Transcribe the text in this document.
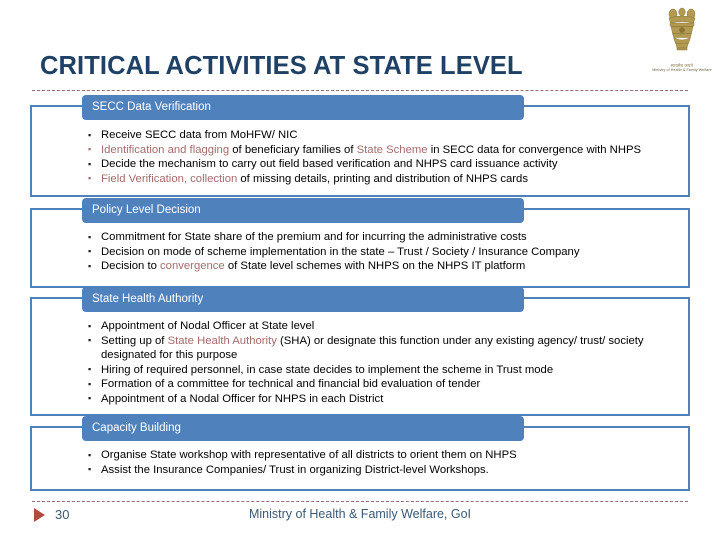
सत्यमेव जयते
Ministry of Health & Family Welfare
CRITICAL ACTIVITIES AT STATE LEVEL
SECC Data Verification
▪ Receive SECC data from MoHFW/ NIC
▪ Identification and flagging of beneficiary families of State Scheme in SECC data for convergence with NHPS
▪ Decide the mechanism to carry out field based verification and NHPS card issuance activity
▪ Field Verification, collection of missing details, printing and distribution of NHPS cards
Policy Level Decision
▪ Commitment for State share of the premium and for incurring the administrative costs
▪ Decision on mode of scheme implementation in the state – Trust / Society / Insurance Company
▪ Decision to convergence of State level schemes with NHPS on the NHPS IT platform
State Health Authority
▪ Appointment of Nodal Officer at State level
▪ Setting up of State Health Authority (SHA) or designate this function under any existing agency/ trust/ society designated for this purpose
▪ Hiring of required personnel, in case state decides to implement the scheme in Trust mode
▪ Formation of a committee for technical and financial bid evaluation of tender
▪ Appointment of a Nodal Officer for NHPS in each District
Capacity Building
▪ Organise State workshop with representative of all districts to orient them on NHPS
▪ Assist the Insurance Companies/ Trust in organizing District-level Workshops.
30	Ministry of Health & Family Welfare, GoI
